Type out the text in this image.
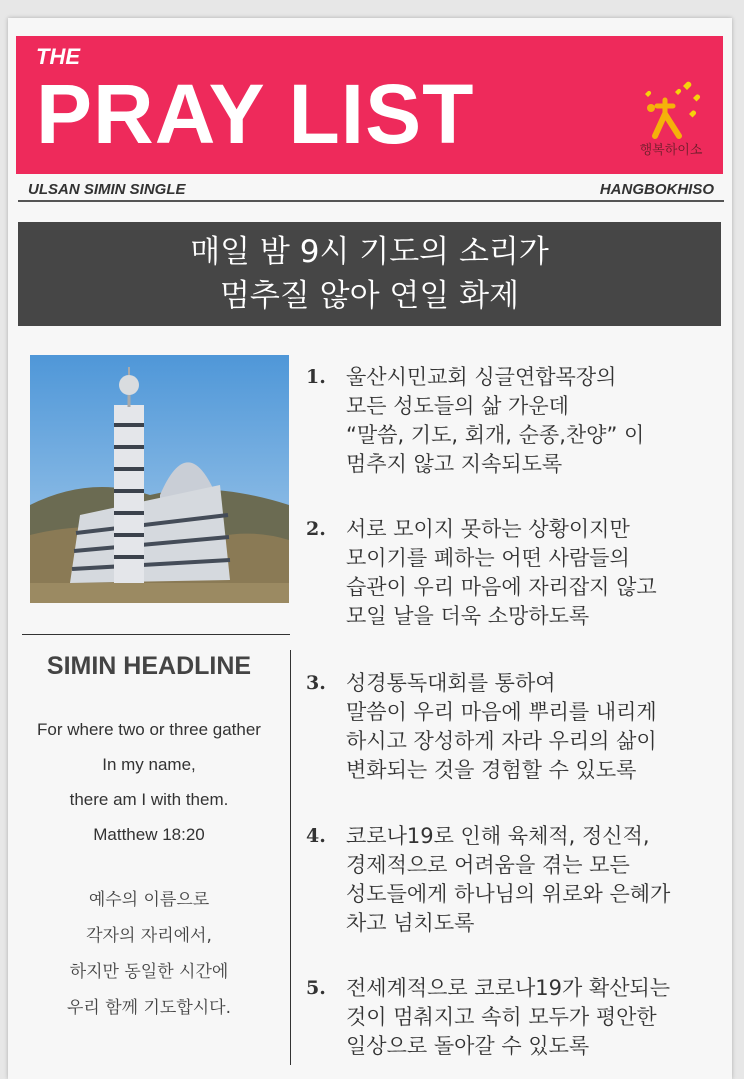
THE
PRAY LIST	행복하이소
ULSAN SIMIN SINGLE	HANGBOKHISO
매일 밤 9시 기도의 소리가
멈추질 않아 연일 화제
SIMIN HEADLINE
For where two or three gather
In my name,
there am I with them.
Matthew 18:20
예수의 이름으로
각자의 자리에서,
하지만 동일한 시간에
우리 함께 기도합시다.
1. 울산시민교회 싱글연합목장의
모든 성도들의 삶 가운데
“말씀, 기도, 회개, 순종,찬양” 이
멈추지 않고 지속되도록
2. 서로 모이지 못하는 상황이지만
모이기를 폐하는 어떤 사람들의
습관이 우리 마음에 자리잡지 않고
모일 날을 더욱 소망하도록
3. 성경통독대회를 통하여
말씀이 우리 마음에 뿌리를 내리게
하시고 장성하게 자라 우리의 삶이
변화되는 것을 경험할 수 있도록
4. 코로나19로 인해 육체적, 정신적,
경제적으로 어려움을 겪는 모든
성도들에게 하나님의 위로와 은혜가
차고 넘치도록
5. 전세계적으로 코로나19가 확산되는
것이 멈춰지고 속히 모두가 평안한
일상으로 돌아갈 수 있도록
